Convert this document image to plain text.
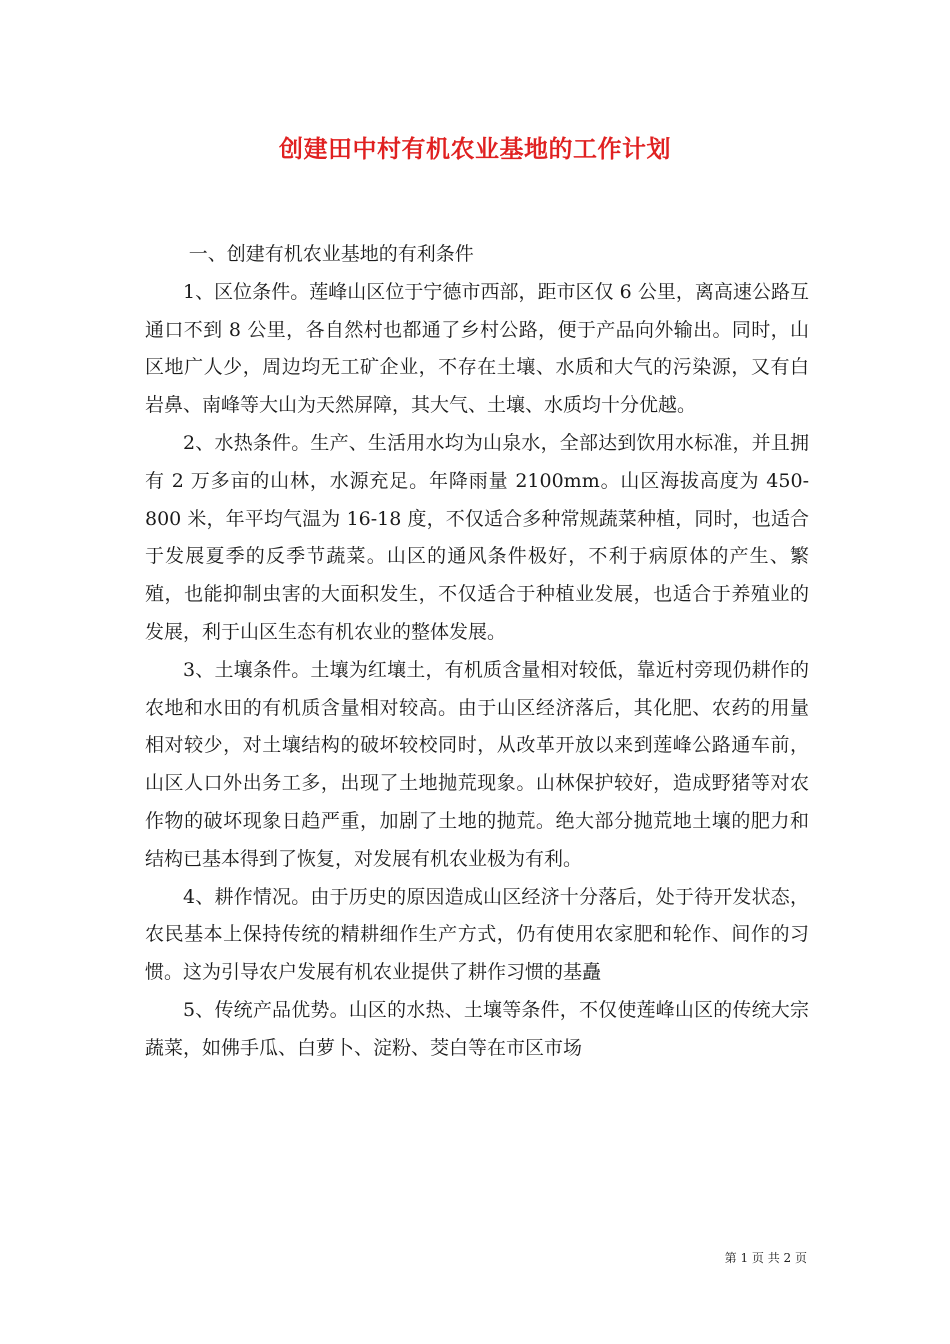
创建田中村有机农业基地的工作计划

一、创建有机农业基地的有利条件

1、区位条件。莲峰山区位于宁德市西部，距市区仅 6 公里，离高速公路互通口不到 8 公里，各自然村也都通了乡村公路，便于产品向外输出。同时，山区地广人少，周边均无工矿企业，不存在土壤、水质和大气的污染源，又有白岩鼻、南峰等大山为天然屏障，其大气、土壤、水质均十分优越。

2、水热条件。生产、生活用水均为山泉水，全部达到饮用水标准，并且拥有 2 万多亩的山林，水源充足。年降雨量 2100mm。山区海拔高度为 450-800 米，年平均气温为 16-18 度，不仅适合多种常规蔬菜种植，同时，也适合于发展夏季的反季节蔬菜。山区的通风条件极好，不利于病原体的产生、繁殖，也能抑制虫害的大面积发生，不仅适合于种植业发展，也适合于养殖业的发展，利于山区生态有机农业的整体发展。

3、土壤条件。土壤为红壤土，有机质含量相对较低，靠近村旁现仍耕作的农地和水田的有机质含量相对较高。由于山区经济落后，其化肥、农药的用量相对较少，对土壤结构的破坏较校同时，从改革开放以来到莲峰公路通车前，山区人口外出务工多，出现了土地抛荒现象。山林保护较好，造成野猪等对农作物的破坏现象日趋严重，加剧了土地的抛荒。绝大部分抛荒地土壤的肥力和结构已基本得到了恢复，对发展有机农业极为有利。

4、耕作情况。由于历史的原因造成山区经济十分落后，处于待开发状态，农民基本上保持传统的精耕细作生产方式，仍有使用农家肥和轮作、间作的习惯。这为引导农户发展有机农业提供了耕作习惯的基矗

5、传统产品优势。山区的水热、土壤等条件，不仅使莲峰山区的传统大宗蔬菜，如佛手瓜、白萝卜、淀粉、茭白等在市区市场

第 1 页 共 2 页
